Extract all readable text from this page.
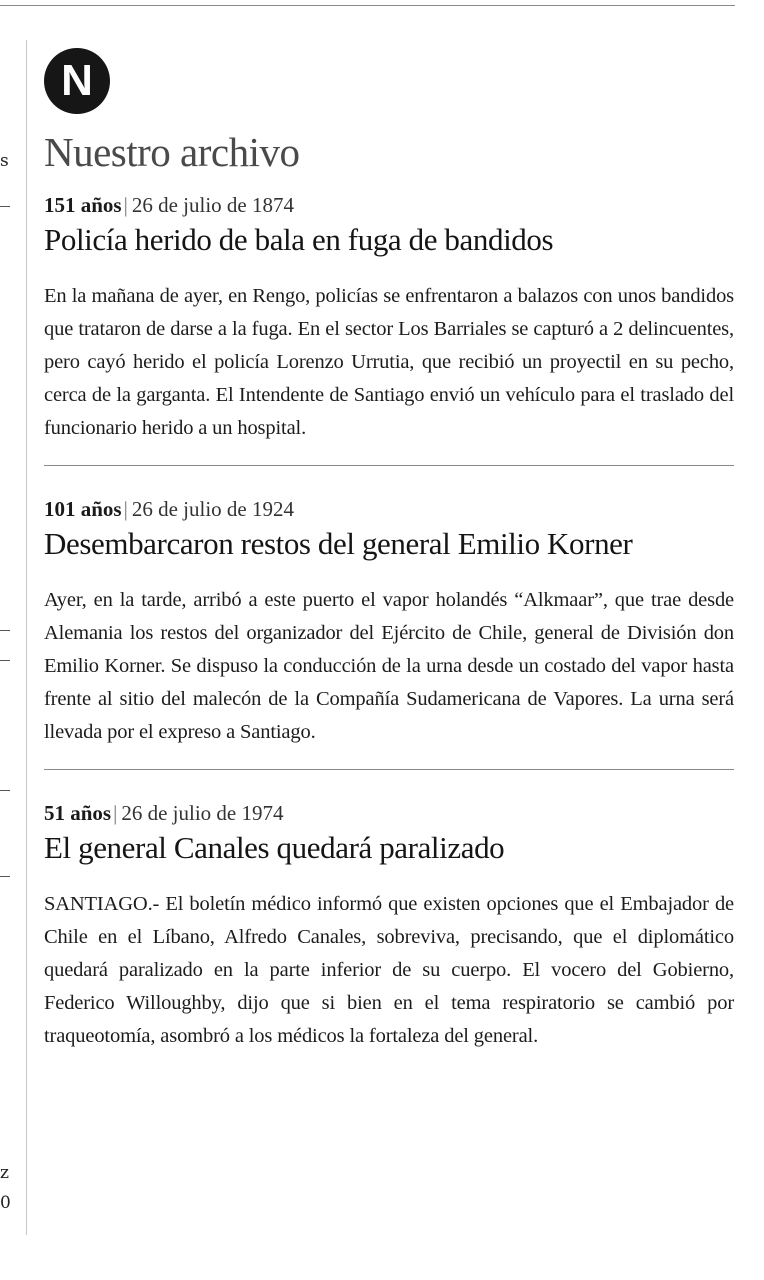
s
z
0
N
Nuestro archivo
151 años| 26 de julio de 1874
Policía herido de bala en fuga de bandidos

En la mañana de ayer, en Rengo, policías se enfrentaron a balazos con unos bandidos que trataron de darse a la fuga. En el sector Los Barriales se capturó a 2 delincuentes, pero cayó herido el policía Lorenzo Urrutia, que recibió un proyectil en su pecho, cerca de la garganta. El Intendente de Santiago envió un vehículo para el traslado del funcionario herido a un hospital.

101 años| 26 de julio de 1924
Desembarcaron restos del general Emilio Korner

Ayer, en la tarde, arribó a este puerto el vapor holandés “Alkmaar”, que trae desde Alemania los restos del organizador del Ejército de Chile, general de División don Emilio Korner. Se dispuso la conducción de la urna desde un costado del vapor hasta frente al sitio del malecón de la Compañía Sudamericana de Vapores. La urna será llevada por el expreso a Santiago.

51 años| 26 de julio de 1974
El general Canales quedará paralizado

SANTIAGO.- El boletín médico informó que existen opciones que el Embajador de Chile en el Líbano, Alfredo Canales, sobreviva, precisando, que el diplomático quedará paralizado en la parte inferior de su cuerpo. El vocero del Gobierno, Federico Willoughby, dijo que si bien en el tema respiratorio se cambió por traqueotomía, asombró a los médicos la fortaleza del general.
